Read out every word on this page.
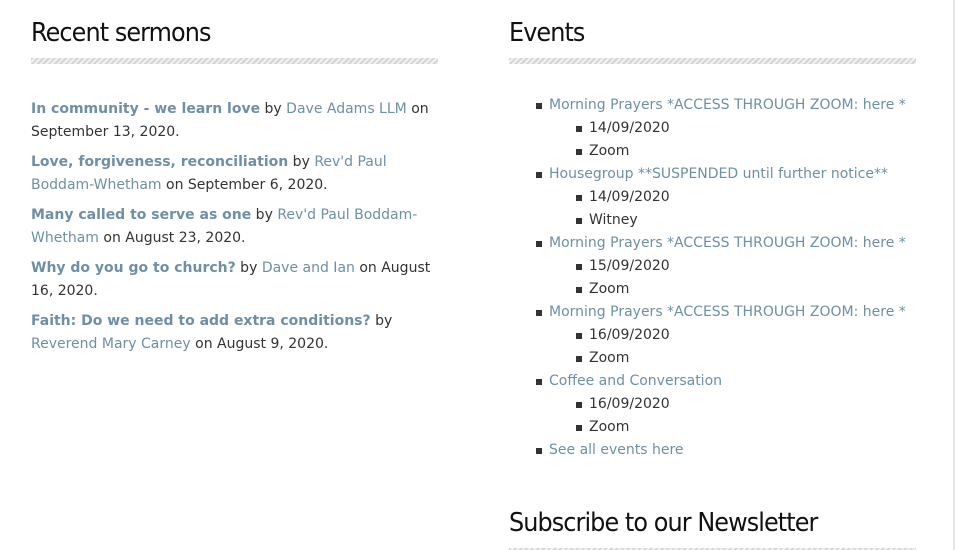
Recent sermons
In community - we learn love by Dave Adams LLM on September 13, 2020.
Love, forgiveness, reconciliation by Rev'd Paul Boddam-Whetham on September 6, 2020.
Many called to serve as one by Rev'd Paul Boddam-Whetham on August 23, 2020.
Why do you go to church? by Dave and Ian on August 16, 2020.
Faith: Do we need to add extra conditions? by Reverend Mary Carney on August 9, 2020.
Events
Morning Prayers *ACCESS THROUGH ZOOM: here *
14/09/2020
Zoom
Housegroup **SUSPENDED until further notice**
14/09/2020
Witney
Morning Prayers *ACCESS THROUGH ZOOM: here *
15/09/2020
Zoom
Morning Prayers *ACCESS THROUGH ZOOM: here *
16/09/2020
Zoom
Coffee and Conversation
16/09/2020
Zoom
See all events here
Subscribe to our Newsletter
